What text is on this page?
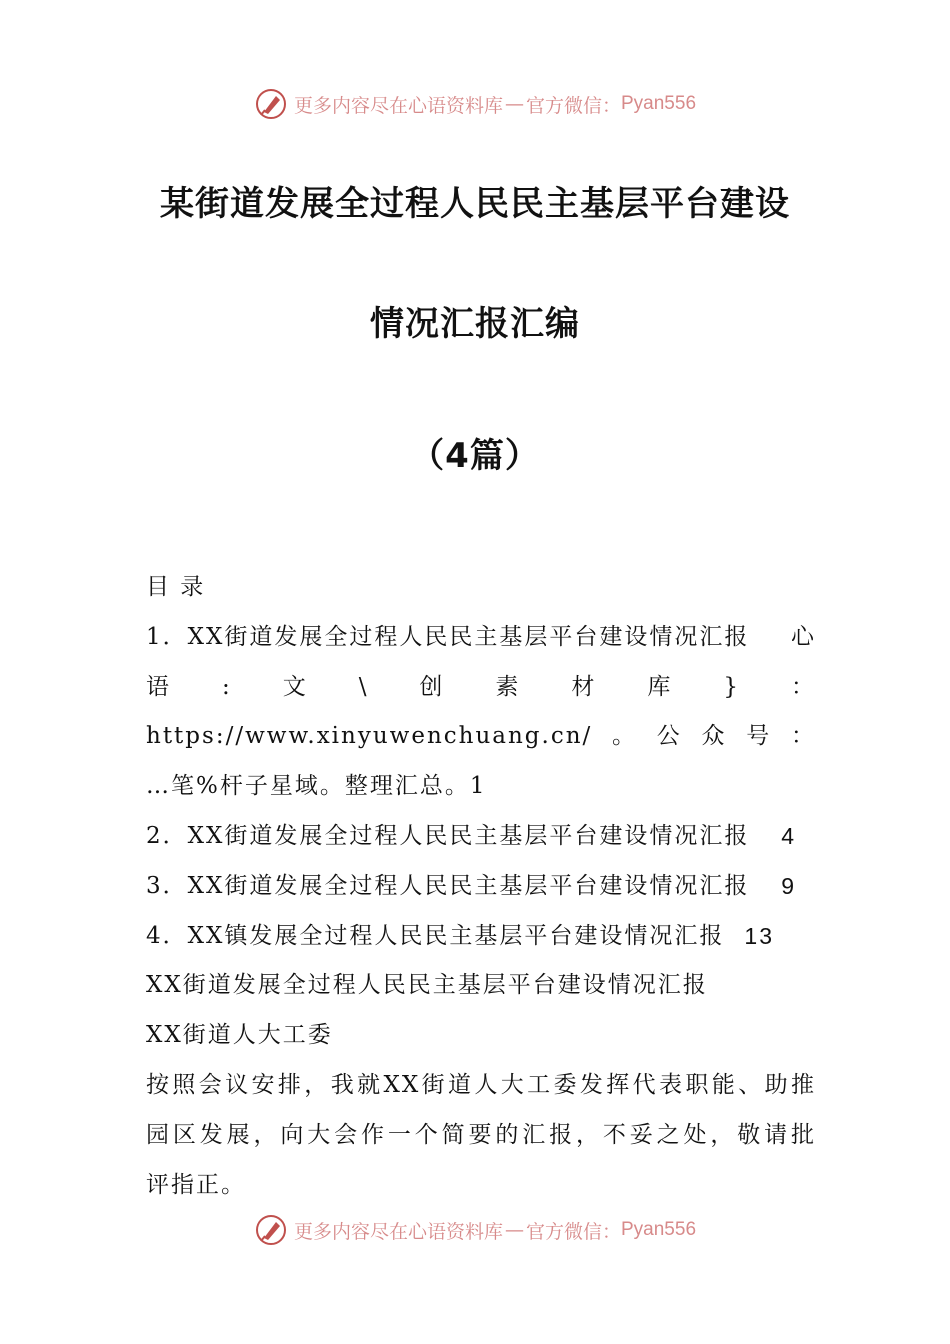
更多内容尽在心语资料库 — 官方微信： Pyan556
某街道发展全过程人民民主基层平台建设
情况汇报汇编
（4篇）

目 录

1．XX街道发展全过程人民民主基层平台建设情况汇报 心

语:文\创素材库}：https://www.xinyuwenchuang.cn/。公众号：

…笔%杆子星域。整理汇总。1

2．XX街道发展全过程人民民主基层平台建设情况汇报 4

3．XX街道发展全过程人民民主基层平台建设情况汇报 9

4．XX镇发展全过程人民民主基层平台建设情况汇报 13

XX街道发展全过程人民民主基层平台建设情况汇报

XX街道人大工委

按照会议安排，我就XX街道人大工委发挥代表职能、助推

园区发展，向大会作一个简要的汇报，不妥之处，敬请批

评指正。

更多内容尽在心语资料库 — 官方微信： Pyan556
